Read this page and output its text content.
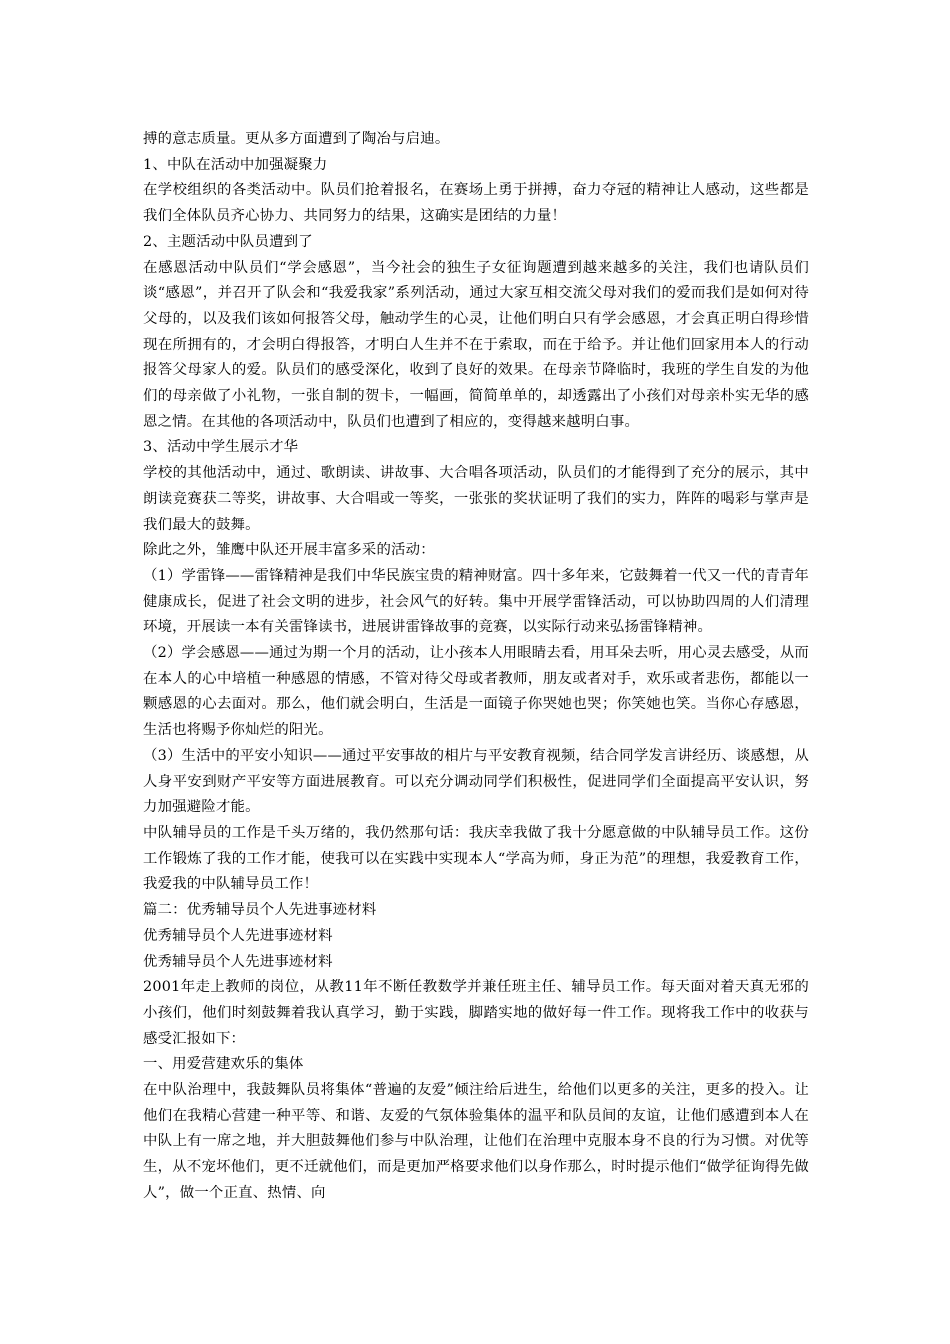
搏的意志质量。更从多方面遭到了陶冶与启迪。

1、中队在活动中加强凝聚力

在学校组织的各类活动中。队员们抢着报名，在赛场上勇于拼搏，奋力夺冠的精神让人感动，这些都是我们全体队员齐心协力、共同努力的结果，这确实是团结的力量！

2、主题活动中队员遭到了

在感恩活动中队员们“学会感恩”，当今社会的独生子女征询题遭到越来越多的关注，我们也请队员们谈“感恩”，并召开了队会和“我爱我家”系列活动，通过大家互相交流父母对我们的爱而我们是如何对待父母的，以及我们该如何报答父母，触动学生的心灵，让他们明白只有学会感恩，才会真正明白得珍惜现在所拥有的，才会明白得报答，才明白人生并不在于索取，而在于给予。并让他们回家用本人的行动报答父母家人的爱。队员们的感受深化，收到了良好的效果。在母亲节降临时，我班的学生自发的为他们的母亲做了小礼物，一张自制的贺卡，一幅画，简简单单的，却透露出了小孩们对母亲朴实无华的感恩之情。在其他的各项活动中，队员们也遭到了相应的，变得越来越明白事。

3、活动中学生展示才华

学校的其他活动中，通过、歌朗读、讲故事、大合唱各项活动，队员们的才能得到了充分的展示，其中朗读竞赛获二等奖，讲故事、大合唱或一等奖，一张张的奖状证明了我们的实力，阵阵的喝彩与掌声是我们最大的鼓舞。

除此之外，雏鹰中队还开展丰富多采的活动：

（1）学雷锋——雷锋精神是我们中华民族宝贵的精神财富。四十多年来，它鼓舞着一代又一代的青青年健康成长，促进了社会文明的进步，社会风气的好转。集中开展学雷锋活动，可以协助四周的人们清理环境，开展读一本有关雷锋读书，进展讲雷锋故事的竞赛，以实际行动来弘扬雷锋精神。

（2）学会感恩——通过为期一个月的活动，让小孩本人用眼睛去看，用耳朵去听，用心灵去感受，从而在本人的心中培植一种感恩的情感，不管对待父母或者教师，朋友或者对手，欢乐或者悲伤，都能以一颗感恩的心去面对。那么，他们就会明白，生活是一面镜子你哭她也哭；你笑她也笑。当你心存感恩，生活也将赐予你灿烂的阳光。

（3）生活中的平安小知识——通过平安事故的相片与平安教育视频，结合同学发言讲经历、谈感想，从人身平安到财产平安等方面进展教育。可以充分调动同学们积极性，促进同学们全面提高平安认识，努力加强避险才能。

中队辅导员的工作是千头万绪的，我仍然那句话：我庆幸我做了我十分愿意做的中队辅导员工作。这份工作锻炼了我的工作才能，使我可以在实践中实现本人“学高为师，身正为范”的理想，我爱教育工作，我爱我的中队辅导员工作！

篇二：优秀辅导员个人先进事迹材料

优秀辅导员个人先进事迹材料

优秀辅导员个人先进事迹材料

2001年走上教师的岗位，从教11年不断任教数学并兼任班主任、辅导员工作。每天面对着天真无邪的小孩们，他们时刻鼓舞着我认真学习，勤于实践，脚踏实地的做好每一件工作。现将我工作中的收获与感受汇报如下：

一、用爱营建欢乐的集体

在中队治理中，我鼓舞队员将集体“普遍的友爱”倾注给后进生，给他们以更多的关注，更多的投入。让他们在我精心营建一种平等、和谐、友爱的气氛体验集体的温平和队员间的友谊，让他们感遭到本人在中队上有一席之地，并大胆鼓舞他们参与中队治理，让他们在治理中克服本身不良的行为习惯。对优等生，从不宠坏他们，更不迁就他们，而是更加严格要求他们以身作那么，时时提示他们“做学征询得先做人”，做一个正直、热情、向
